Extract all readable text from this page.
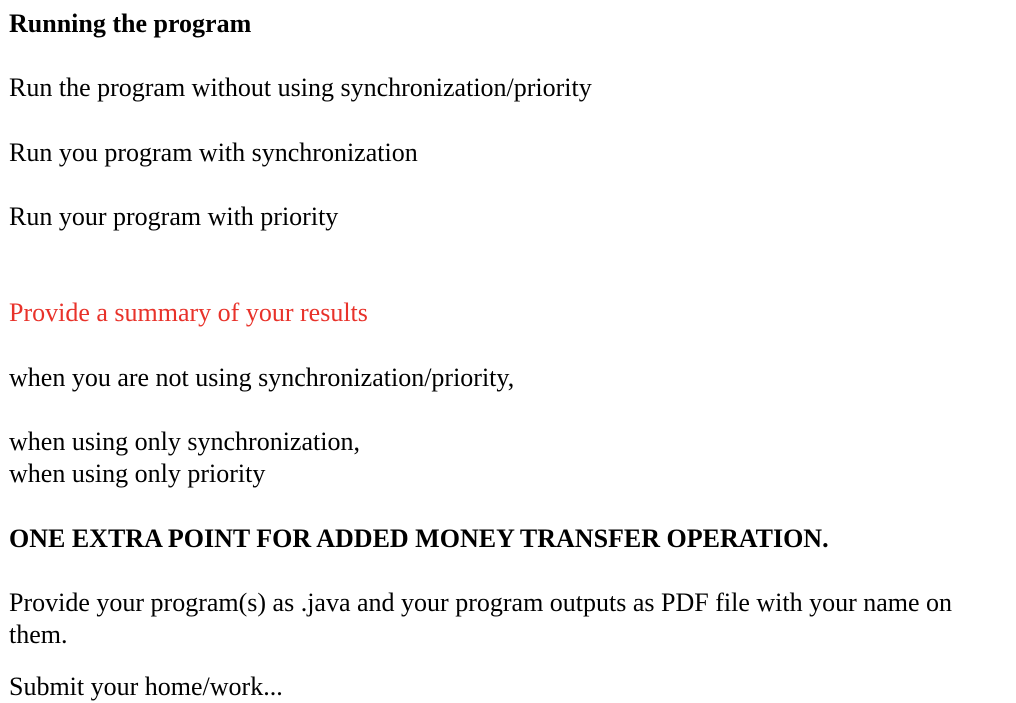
Running the program

Run the program without using synchronization/priority

Run you program with synchronization

Run your program with priority

Provide a summary of your results

when you are not using synchronization/priority,

when using only synchronization,

when using only priority

ONE EXTRA POINT FOR ADDED MONEY TRANSFER OPERATION.

Provide your program(s) as .java and your program outputs as PDF file with your name on them.

Submit your home/work...
